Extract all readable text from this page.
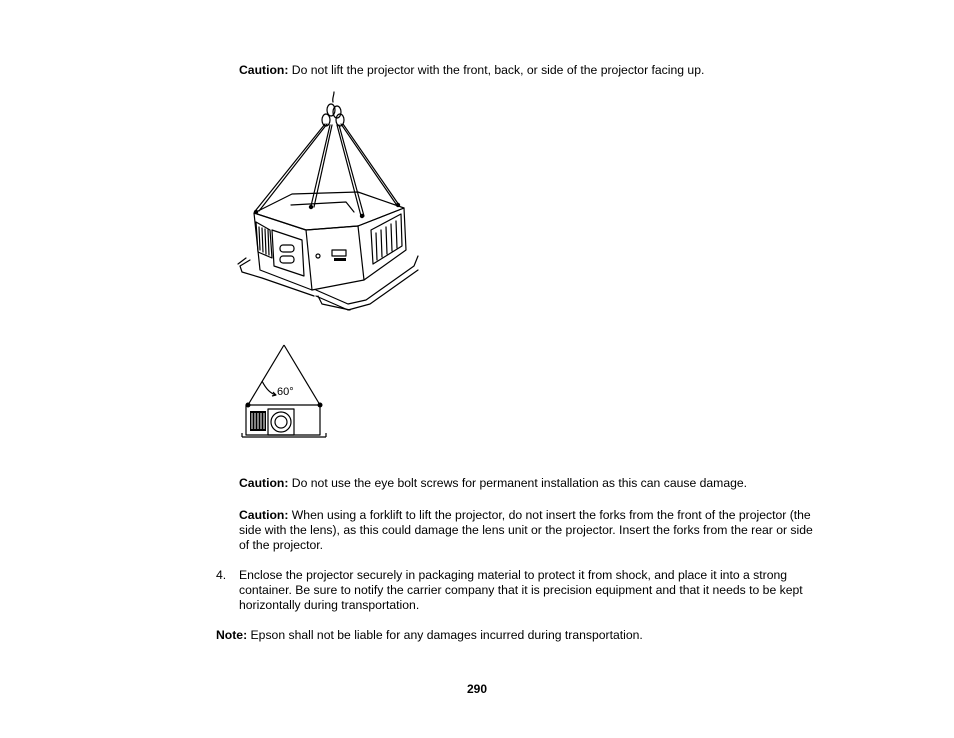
Caution: Do not lift the projector with the front, back, or side of the projector facing up.
60°
Caution: Do not use the eye bolt screws for permanent installation as this can cause damage.
Caution: When using a forklift to lift the projector, do not insert the forks from the front of the projector (the side with the lens), as this could damage the lens unit or the projector. Insert the forks from the rear or side of the projector.
4. Enclose the projector securely in packaging material to protect it from shock, and place it into a strong container. Be sure to notify the carrier company that it is precision equipment and that it needs to be kept horizontally during transportation.
Note: Epson shall not be liable for any damages incurred during transportation.
290
